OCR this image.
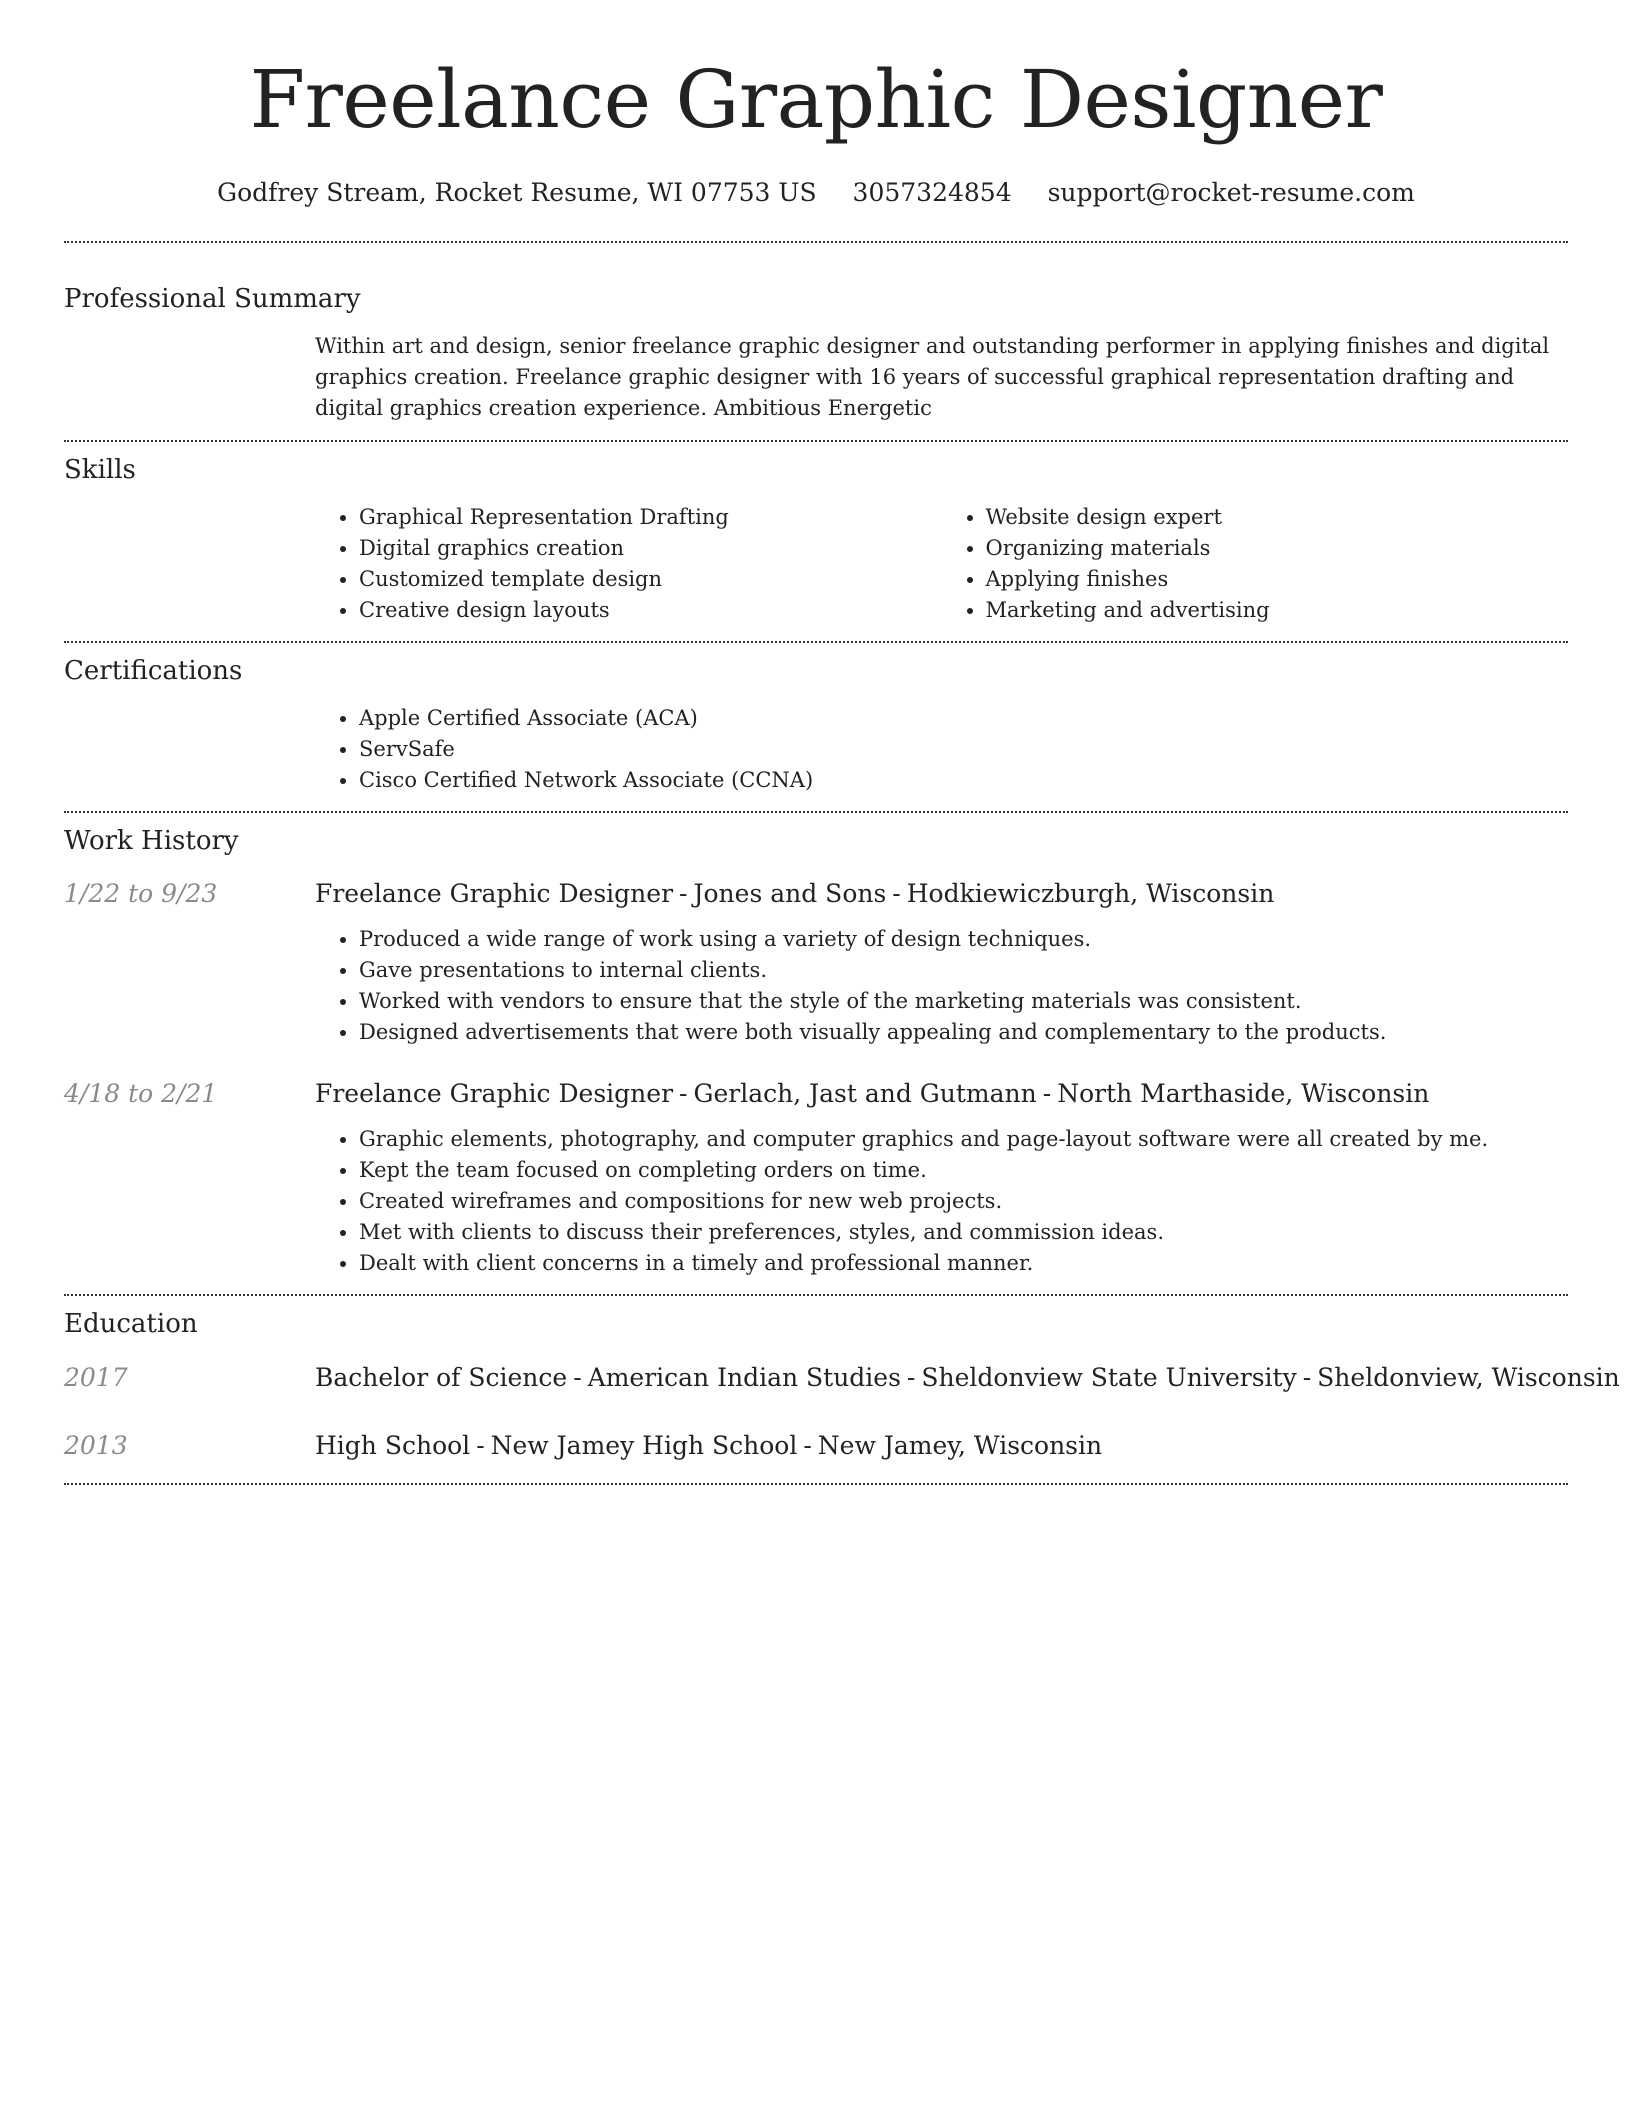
Freelance Graphic Designer
Godfrey Stream, Rocket Resume, WI 07753 US 3057324854 support@rocket-resume.com
Professional Summary

Within art and design, senior freelance graphic designer and outstanding performer in applying finishes and digital graphics creation. Freelance graphic designer with 16 years of successful graphical representation drafting and digital graphics creation experience. Ambitious Energetic

Skills
• Graphical Representation Drafting
• Digital graphics creation
• Customized template design
• Creative design layouts
• Website design expert
• Organizing materials
• Applying finishes
• Marketing and advertising
Certifications
• Apple Certified Associate (ACA)
• ServSafe
• Cisco Certified Network Associate (CCNA)
Work History
1/22 to 9/23	Freelance Graphic Designer - Jones and Sons - Hodkiewiczburgh, Wisconsin
• Produced a wide range of work using a variety of design techniques.
• Gave presentations to internal clients.
• Worked with vendors to ensure that the style of the marketing materials was consistent.
• Designed advertisements that were both visually appealing and complementary to the products.
4/18 to 2/21	Freelance Graphic Designer - Gerlach, Jast and Gutmann - North Marthaside, Wisconsin
• Graphic elements, photography, and computer graphics and page-layout software were all created by me.
• Kept the team focused on completing orders on time.
• Created wireframes and compositions for new web projects.
• Met with clients to discuss their preferences, styles, and commission ideas.
• Dealt with client concerns in a timely and professional manner.
Education
2017	Bachelor of Science - American Indian Studies - Sheldonview State University - Sheldonview, Wisconsin
2013	High School - New Jamey High School - New Jamey, Wisconsin
